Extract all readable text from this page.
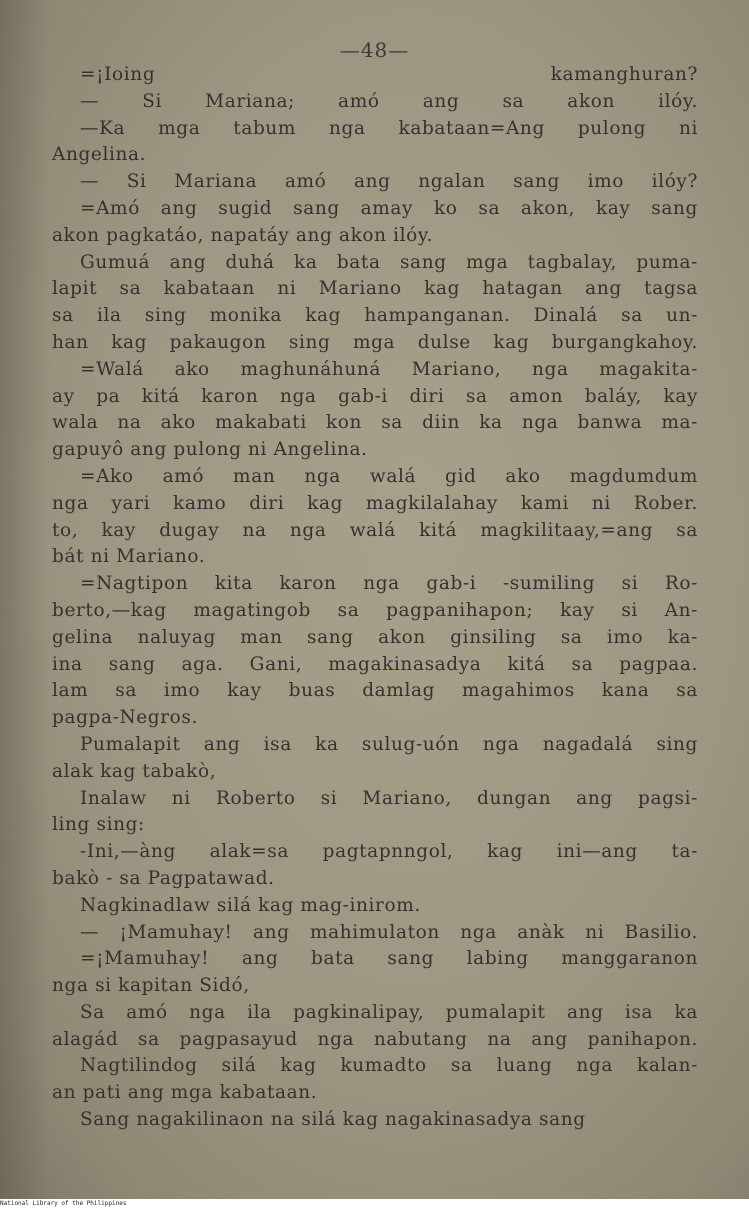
—48—
=¡Ioing kamanghuran?
— Si Mariana; amó ang sa akon ilóy.
—Ka mga tabum nga kabataan=Ang pulong ni
Angelina.
— Si Mariana amó ang ngalan sang imo ilóy?
=Amó ang sugid sang amay ko sa akon, kay sang
akon pagkatáo, napatáy ang akon ilóy.
Gumuá ang duhá ka bata sang mga tagbalay, puma-
lapit sa kabataan ni Mariano kag hatagan ang tagsa
sa ila sing monika kag hampanganan. Dinalá sa un-
han kag pakaugon sing mga dulse kag burgangkahoy.
=Walá ako maghunáhuná Mariano, nga magakita-
ay pa kitá karon nga gab-i diri sa amon baláy, kay
wala na ako makabati kon sa diin ka nga banwa ma-
gapuyô ang pulong ni Angelina.
=Ako amó man nga walá gid ako magdumdum
nga yari kamo diri kag magkilalahay kami ni Rober.
to, kay dugay na nga walá kitá magkilitaay,=ang sa
bát ni Mariano.
=Nagtipon kita karon nga gab-i -sumiling si Ro-
berto,—kag magatingob sa pagpanihapon; kay si An-
gelina naluyag man sang akon ginsiling sa imo ka-
ina sang aga. Gani, magakinasadya kitá sa pagpaa.
lam sa imo kay buas damlag magahimos kana sa
pagpa-Negros.
Pumalapit ang isa ka sulug-uón nga nagadalá sing
alak kag tabakò,
Inalaw ni Roberto si Mariano, dungan ang pagsi-
ling sing:
-Ini,—àng alak=sa pagtapnngol, kag ini—ang ta-
bakò - sa Pagpatawad.
Nagkinadlaw silá kag mag-inirom.
— ¡Mamuhay! ang mahimulaton nga anàk ni Basilio.
=¡Mamuhay! ang bata sang labing manggaranon
nga si kapitan Sidó,
Sa amó nga ila pagkinalipay, pumalapit ang isa ka
alagád sa pagpasayud nga nabutang na ang panihapon.
Nagtilindog silá kag kumadto sa luang nga kalan-
an pati ang mga kabataan.
Sang nagakilinaon na silá kag nagakinasadya sang
National Library of the Philippines
